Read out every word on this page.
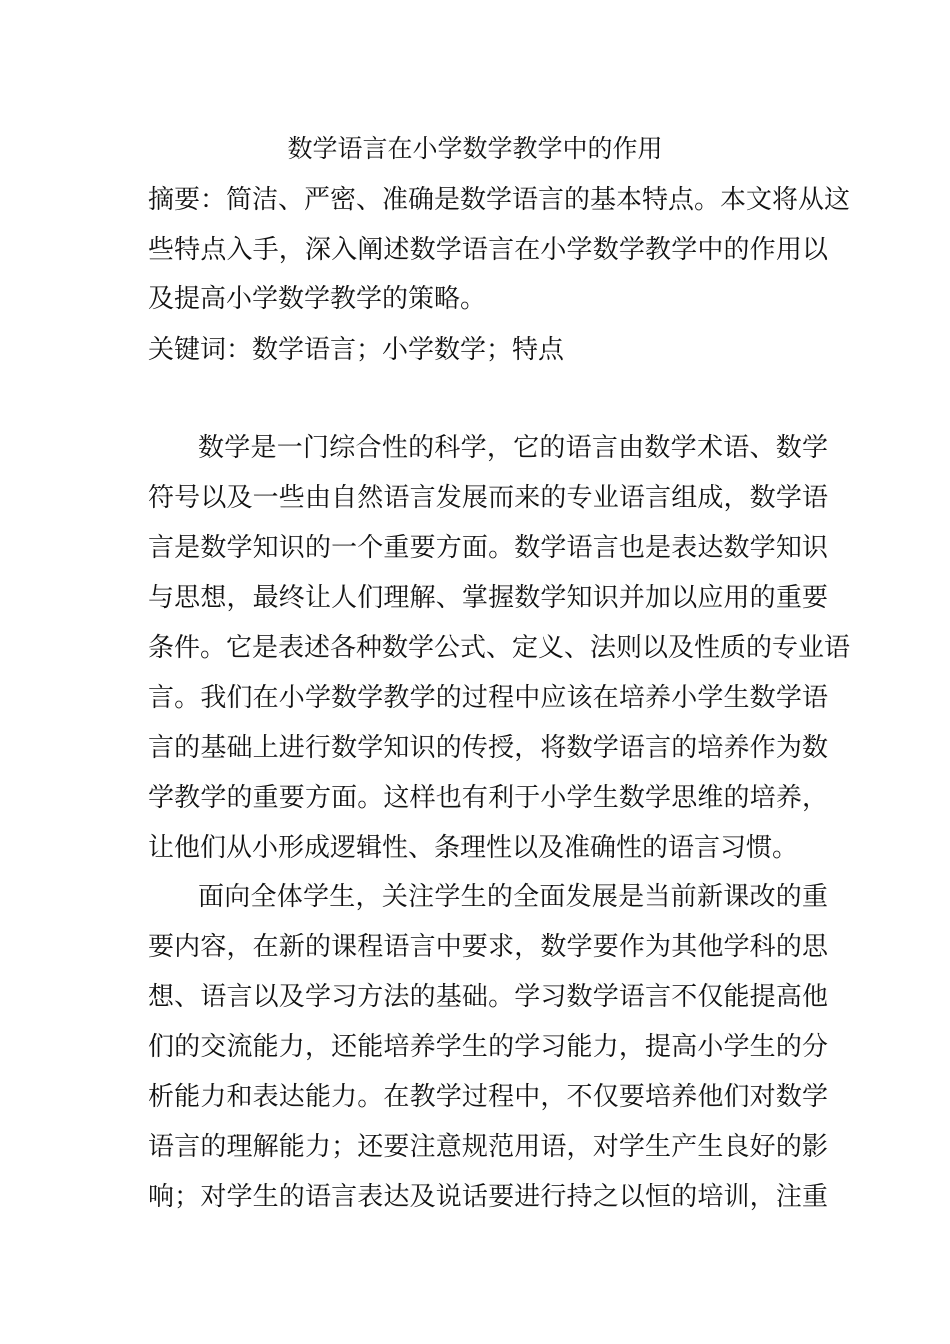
数学语言在小学数学教学中的作用
摘要：简洁、严密、准确是数学语言的基本特点。本文将从这
些特点入手，深入阐述数学语言在小学数学教学中的作用以
及提高小学数学教学的策略。
关键词：数学语言；小学数学；特点
数学是一门综合性的科学，它的语言由数学术语、数学
符号以及一些由自然语言发展而来的专业语言组成，数学语
言是数学知识的一个重要方面。数学语言也是表达数学知识
与思想，最终让人们理解、掌握数学知识并加以应用的重要
条件。它是表述各种数学公式、定义、法则以及性质的专业语
言。我们在小学数学教学的过程中应该在培养小学生数学语
言的基础上进行数学知识的传授，将数学语言的培养作为数
学教学的重要方面。这样也有利于小学生数学思维的培养，
让他们从小形成逻辑性、条理性以及准确性的语言习惯。
面向全体学生，关注学生的全面发展是当前新课改的重
要内容，在新的课程语言中要求，数学要作为其他学科的思
想、语言以及学习方法的基础。学习数学语言不仅能提高他
们的交流能力，还能培养学生的学习能力，提高小学生的分
析能力和表达能力。在教学过程中，不仅要培养他们对数学
语言的理解能力；还要注意规范用语，对学生产生良好的影
响；对学生的语言表达及说话要进行持之以恒的培训，注重
